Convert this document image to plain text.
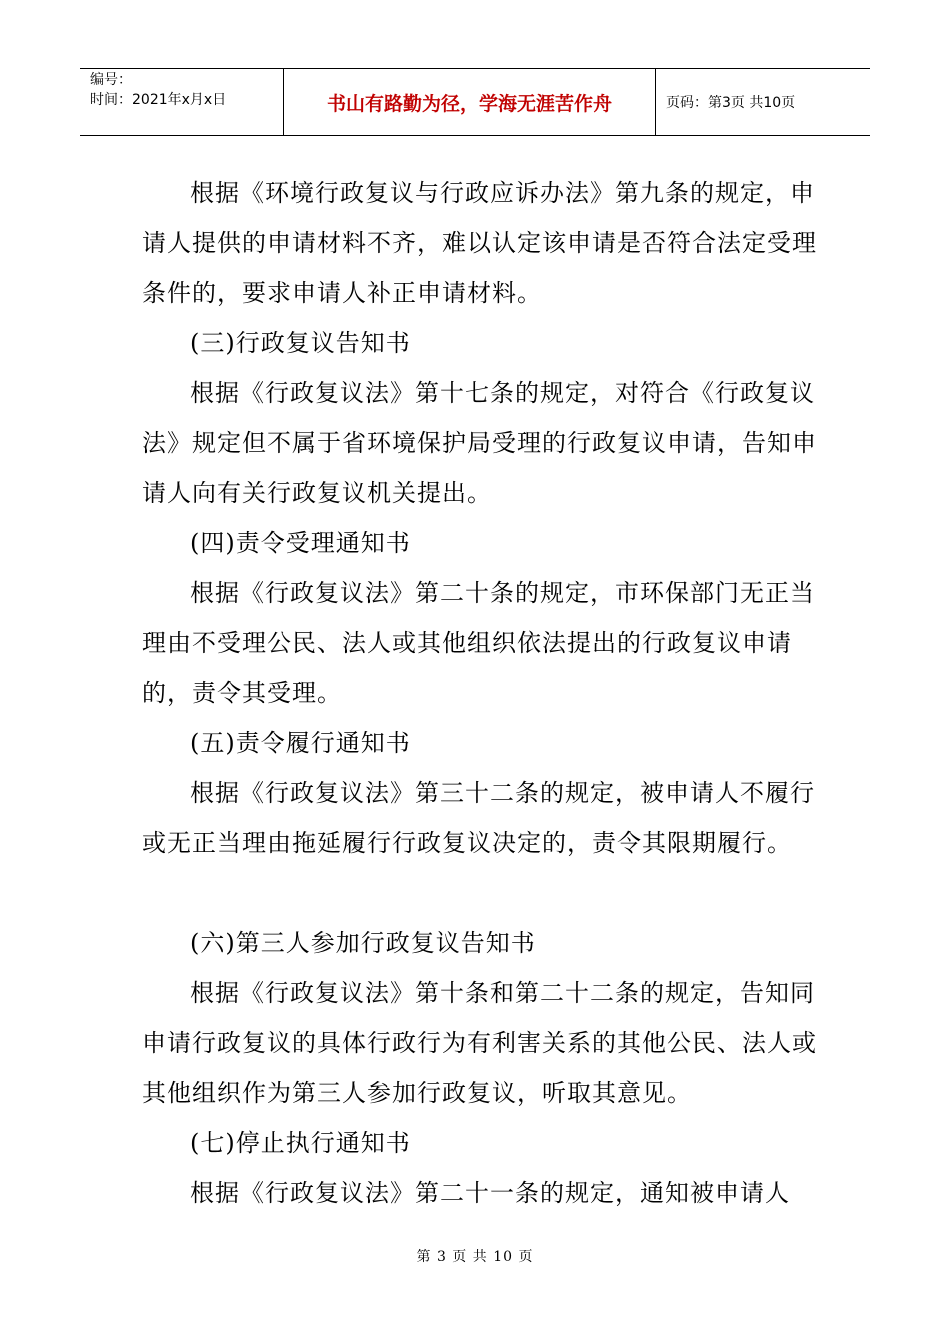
编号：
时间：2021年x月x日	书山有路勤为径，学海无涯苦作舟	页码：第3页 共10页

根据《环境行政复议与行政应诉办法》第九条的规定，申请人提供的申请材料不齐，难以认定该申请是否符合法定受理条件的，要求申请人补正申请材料。

(三)行政复议告知书

根据《行政复议法》第十七条的规定，对符合《行政复议法》规定但不属于省环境保护局受理的行政复议申请，告知申请人向有关行政复议机关提出。

(四)责令受理通知书

根据《行政复议法》第二十条的规定，市环保部门无正当理由不受理公民、法人或其他组织依法提出的行政复议申请的，责令其受理。

(五)责令履行通知书

根据《行政复议法》第三十二条的规定，被申请人不履行或无正当理由拖延履行行政复议决定的，责令其限期履行。

(六)第三人参加行政复议告知书

根据《行政复议法》第十条和第二十二条的规定，告知同申请行政复议的具体行政行为有利害关系的其他公民、法人或其他组织作为第三人参加行政复议，听取其意见。

(七)停止执行通知书

根据《行政复议法》第二十一条的规定，通知被申请人

第 3 页 共 10 页
